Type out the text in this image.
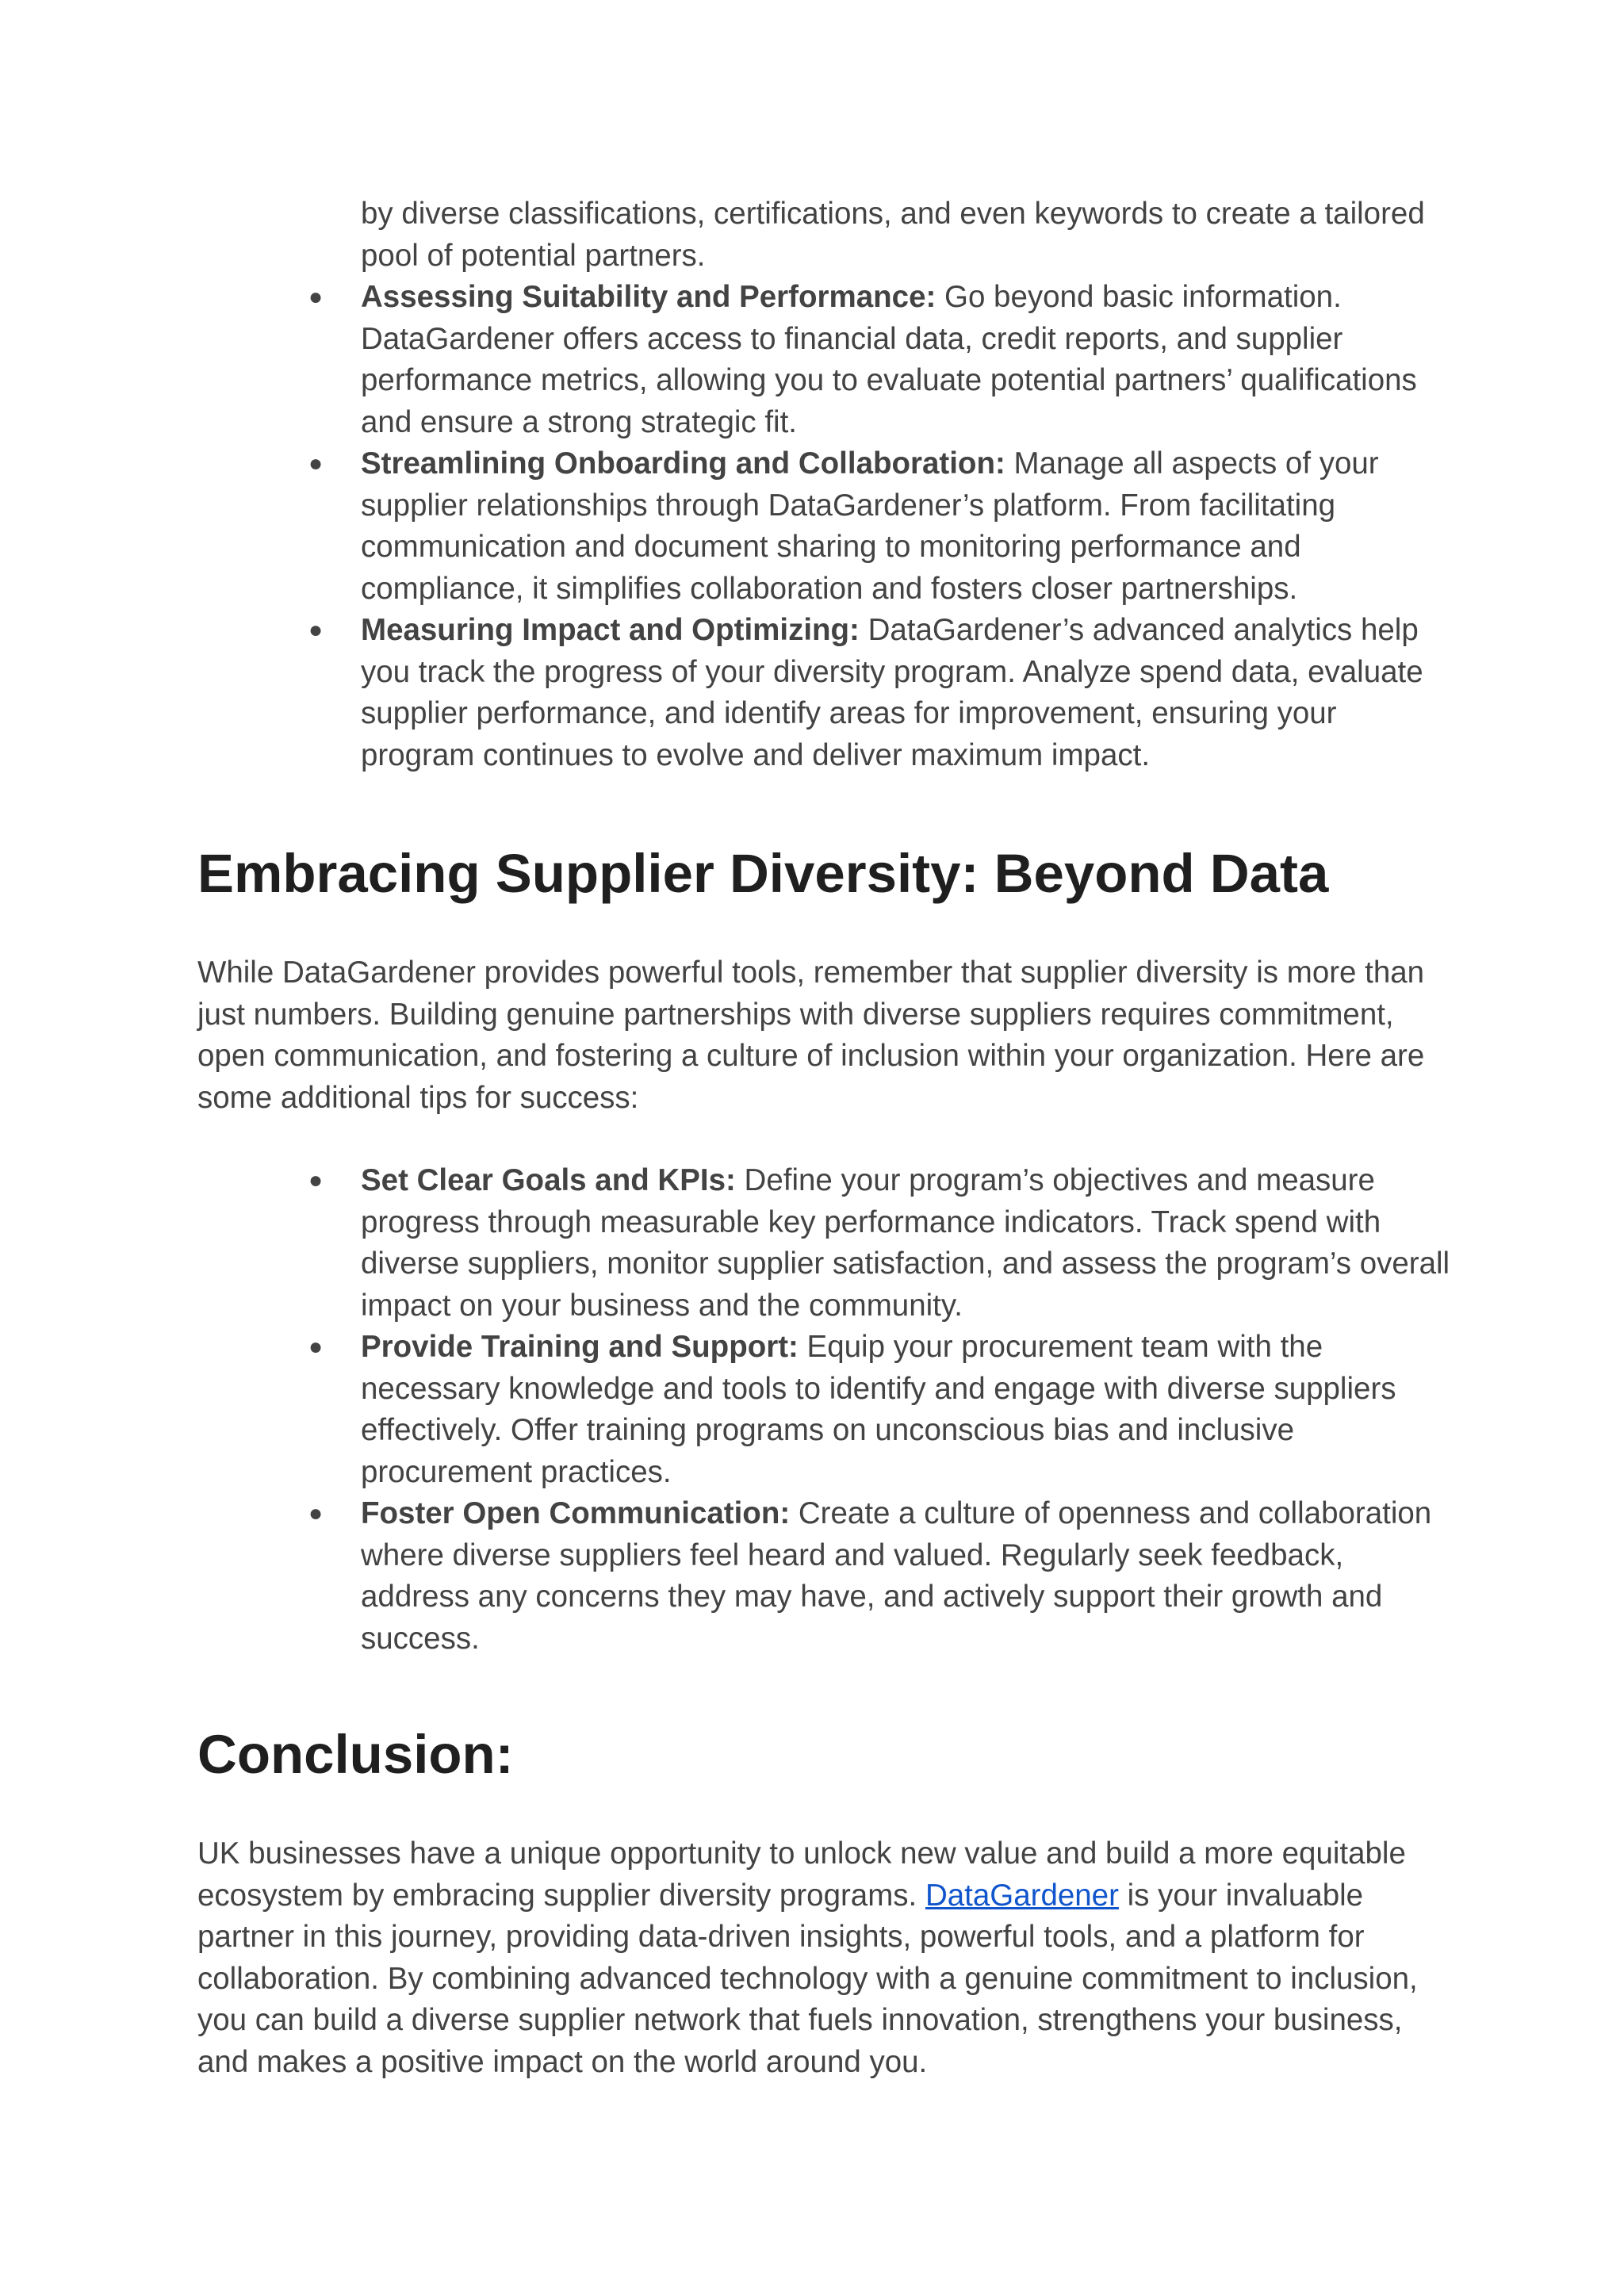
by diverse classifications, certifications, and even keywords to create a tailored pool of potential partners.
●	Assessing Suitability and Performance: Go beyond basic information. DataGardener offers access to financial data, credit reports, and supplier performance metrics, allowing you to evaluate potential partners’ qualifications and ensure a strong strategic fit.
●	Streamlining Onboarding and Collaboration: Manage all aspects of your supplier relationships through DataGardener’s platform. From facilitating communication and document sharing to monitoring performance and compliance, it simplifies collaboration and fosters closer partnerships.
●	Measuring Impact and Optimizing: DataGardener’s advanced analytics help you track the progress of your diversity program. Analyze spend data, evaluate supplier performance, and identify areas for improvement, ensuring your program continues to evolve and deliver maximum impact.
Embracing Supplier Diversity: Beyond Data

While DataGardener provides powerful tools, remember that supplier diversity is more than just numbers. Building genuine partnerships with diverse suppliers requires commitment, open communication, and fostering a culture of inclusion within your organization. Here are some additional tips for success:

●	Set Clear Goals and KPIs: Define your program’s objectives and measure progress through measurable key performance indicators. Track spend with diverse suppliers, monitor supplier satisfaction, and assess the program’s overall impact on your business and the community.
●	Provide Training and Support: Equip your procurement team with the necessary knowledge and tools to identify and engage with diverse suppliers effectively. Offer training programs on unconscious bias and inclusive procurement practices.
●	Foster Open Communication: Create a culture of openness and collaboration where diverse suppliers feel heard and valued. Regularly seek feedback, address any concerns they may have, and actively support their growth and success.
Conclusion:

UK businesses have a unique opportunity to unlock new value and build a more equitable ecosystem by embracing supplier diversity programs. DataGardener is your invaluable partner in this journey, providing data-driven insights, powerful tools, and a platform for collaboration. By combining advanced technology with a genuine commitment to inclusion, you can build a diverse supplier network that fuels innovation, strengthens your business, and makes a positive impact on the world around you.
